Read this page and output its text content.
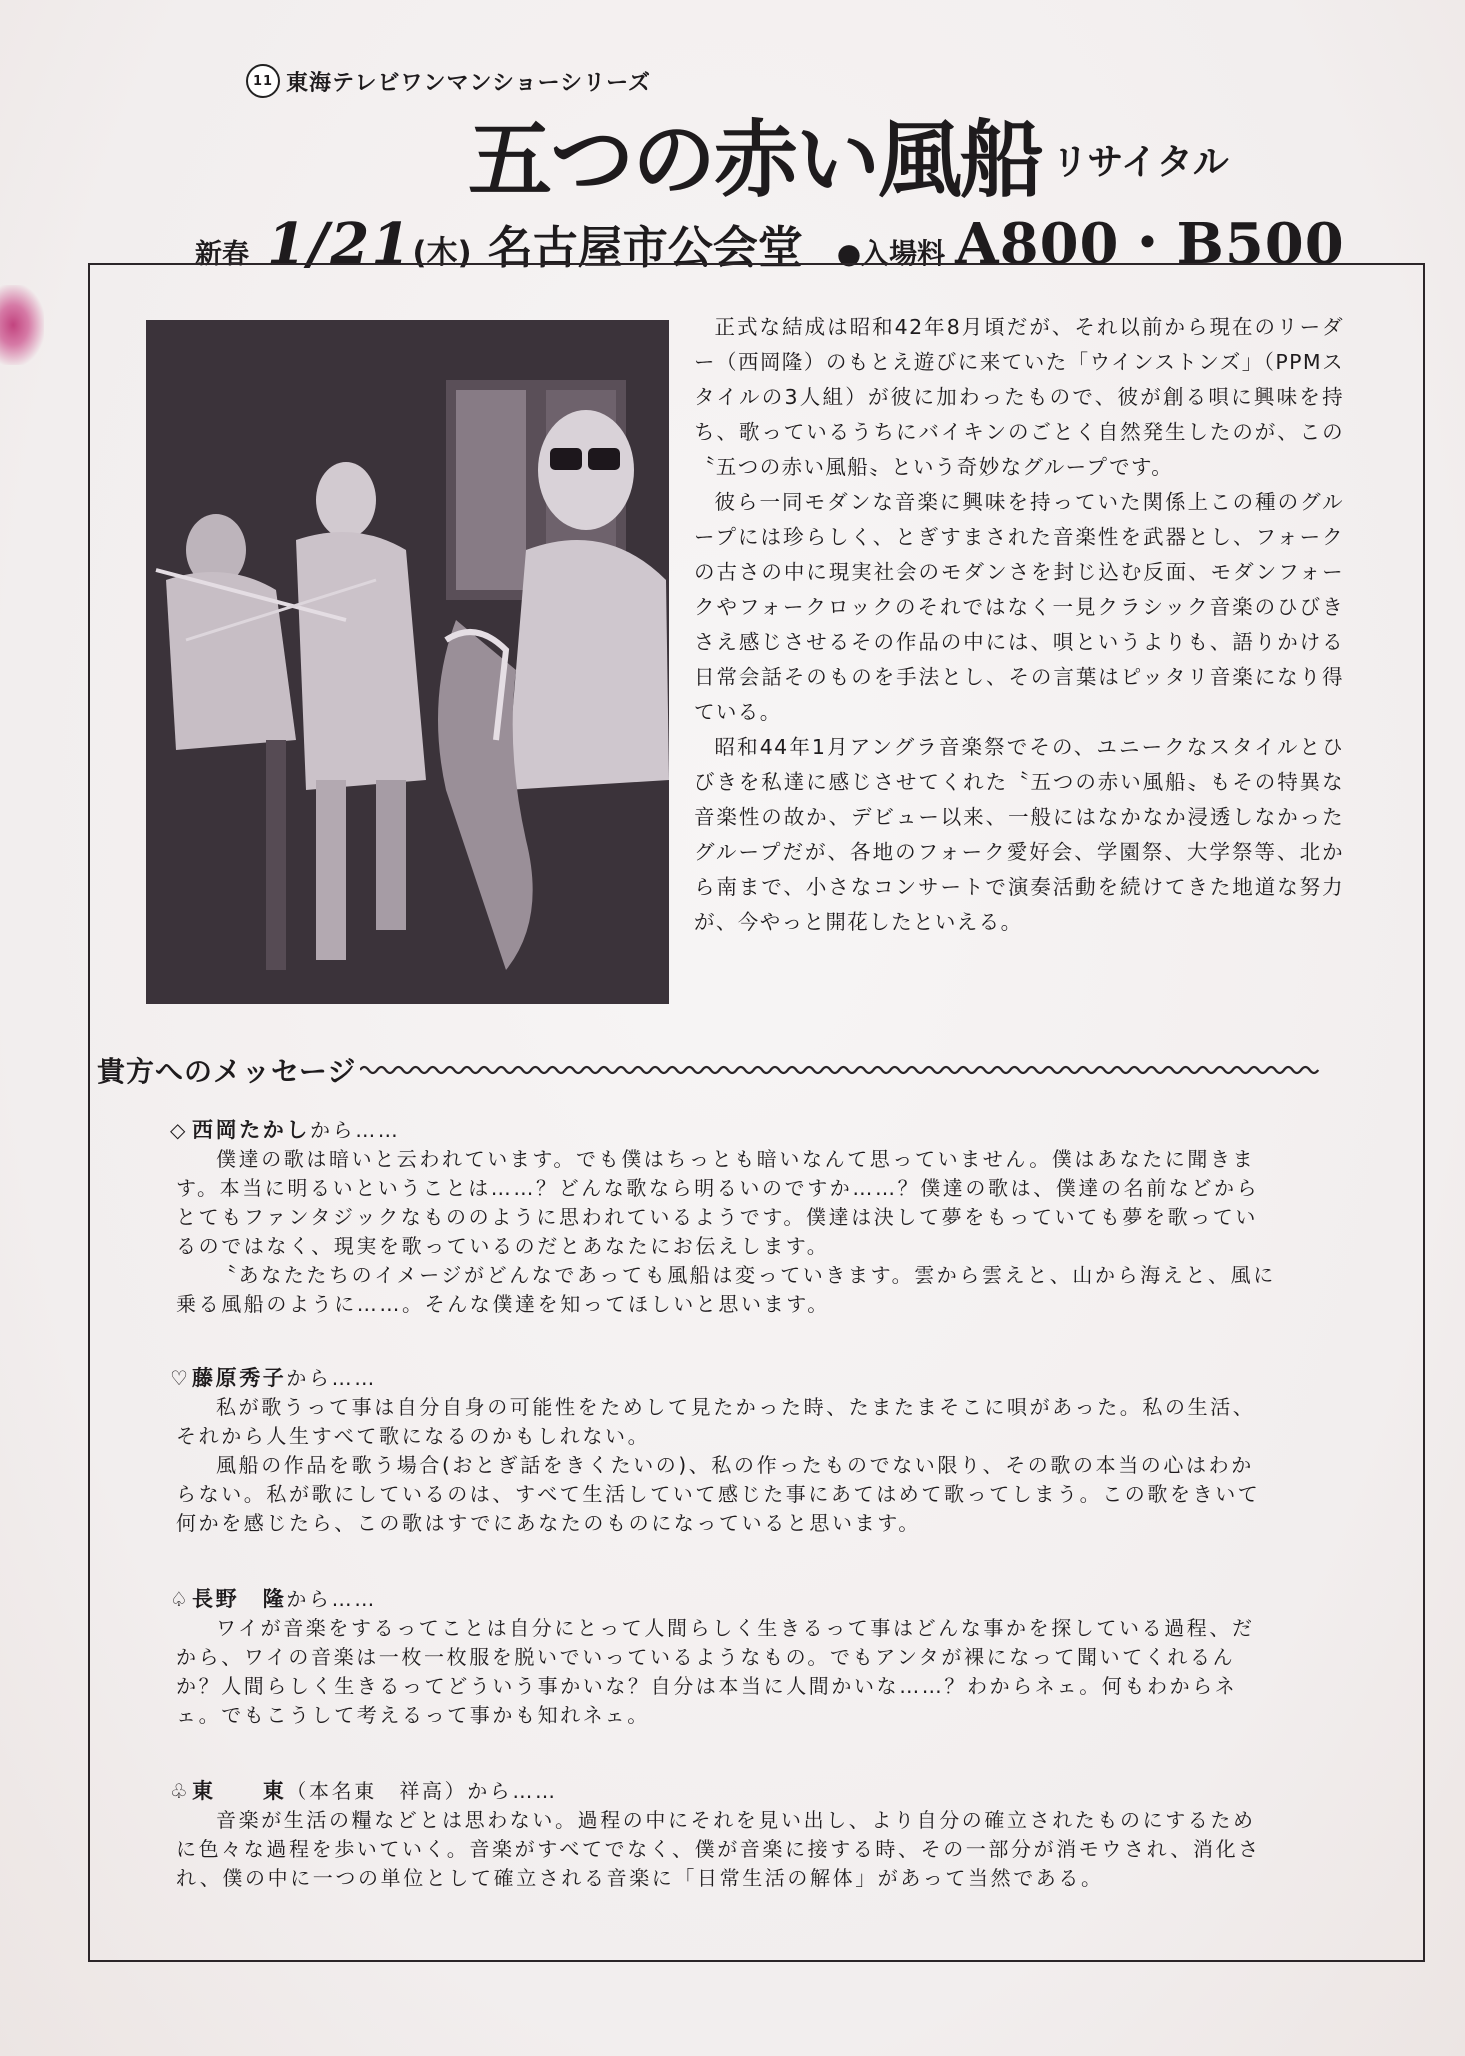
11 東海テレビワンマンショーシリーズ
五つの赤い風船 リサイタル
新春 1/21 (木) 名古屋市公会堂 ●入場料 A800・B500

正式な結成は昭和42年8月頃だが、それ以前から現在のリーダー（西岡隆）のもとえ遊びに来ていた「ウインストンズ」（PPMスタイルの3人組）が彼に加わったもので、彼が創る唄に興味を持ち、歌っているうちにバイキンのごとく自然発生したのが、この〝五つの赤い風船〟という奇妙なグループです。

彼ら一同モダンな音楽に興味を持っていた関係上この種のグループには珍らしく、とぎすまされた音楽性を武器とし、フォークの古さの中に現実社会のモダンさを封じ込む反面、モダンフォークやフォークロックのそれではなく一見クラシック音楽のひびきさえ感じさせるその作品の中には、唄というよりも、語りかける日常会話そのものを手法とし、その言葉はピッタリ音楽になり得ている。

昭和44年1月アングラ音楽祭でその、ユニークなスタイルとひびきを私達に感じさせてくれた〝五つの赤い風船〟もその特異な音楽性の故か、デビュー以来、一般にはなかなか浸透しなかったグループだが、各地のフォーク愛好会、学園祭、大学祭等、北から南まで、小さなコンサートで演奏活動を続けてきた地道な努力が、今やっと開花したといえる。

貴方へのメッセージ
◇ 西岡たかしから……

僕達の歌は暗いと云われています。でも僕はちっとも暗いなんて思っていません。僕はあなたに聞きます。本当に明るいということは……？どんな歌なら明るいのですか……？僕達の歌は、僕達の名前などからとてもファンタジックなもののように思われているようです。僕達は決して夢をもっていても夢を歌っているのではなく、現実を歌っているのだとあなたにお伝えします。

〝あなたたちのイメージがどんなであっても風船は変っていきます。雲から雲えと、山から海えと、風に乗る風船のように……。そんな僕達を知ってほしいと思います。

♡藤原秀子から……

私が歌うって事は自分自身の可能性をためして見たかった時、たまたまそこに唄があった。私の生活、それから人生すべて歌になるのかもしれない。

風船の作品を歌う場合(おとぎ話をきくたいの)、私の作ったものでない限り、その歌の本当の心はわからない。私が歌にしているのは、すべて生活していて感じた事にあてはめて歌ってしまう。この歌をきいて何かを感じたら、この歌はすでにあなたのものになっていると思います。

♤長野　隆から……

ワイが音楽をするってことは自分にとって人間らしく生きるって事はどんな事かを探している過程、だから、ワイの音楽は一枚一枚服を脱いでいっているようなもの。でもアンタが裸になって聞いてくれるんか？人間らしく生きるってどういう事かいな？自分は本当に人間かいな……？わからネェ。何もわからネェ。でもこうして考えるって事かも知れネェ。

♧東　　東（本名東　祥高）から……

音楽が生活の糧などとは思わない。過程の中にそれを見い出し、より自分の確立されたものにするために色々な過程を歩いていく。音楽がすべてでなく、僕が音楽に接する時、その一部分が消モウされ、消化され、僕の中に一つの単位として確立される音楽に「日常生活の解体」があって当然である。
